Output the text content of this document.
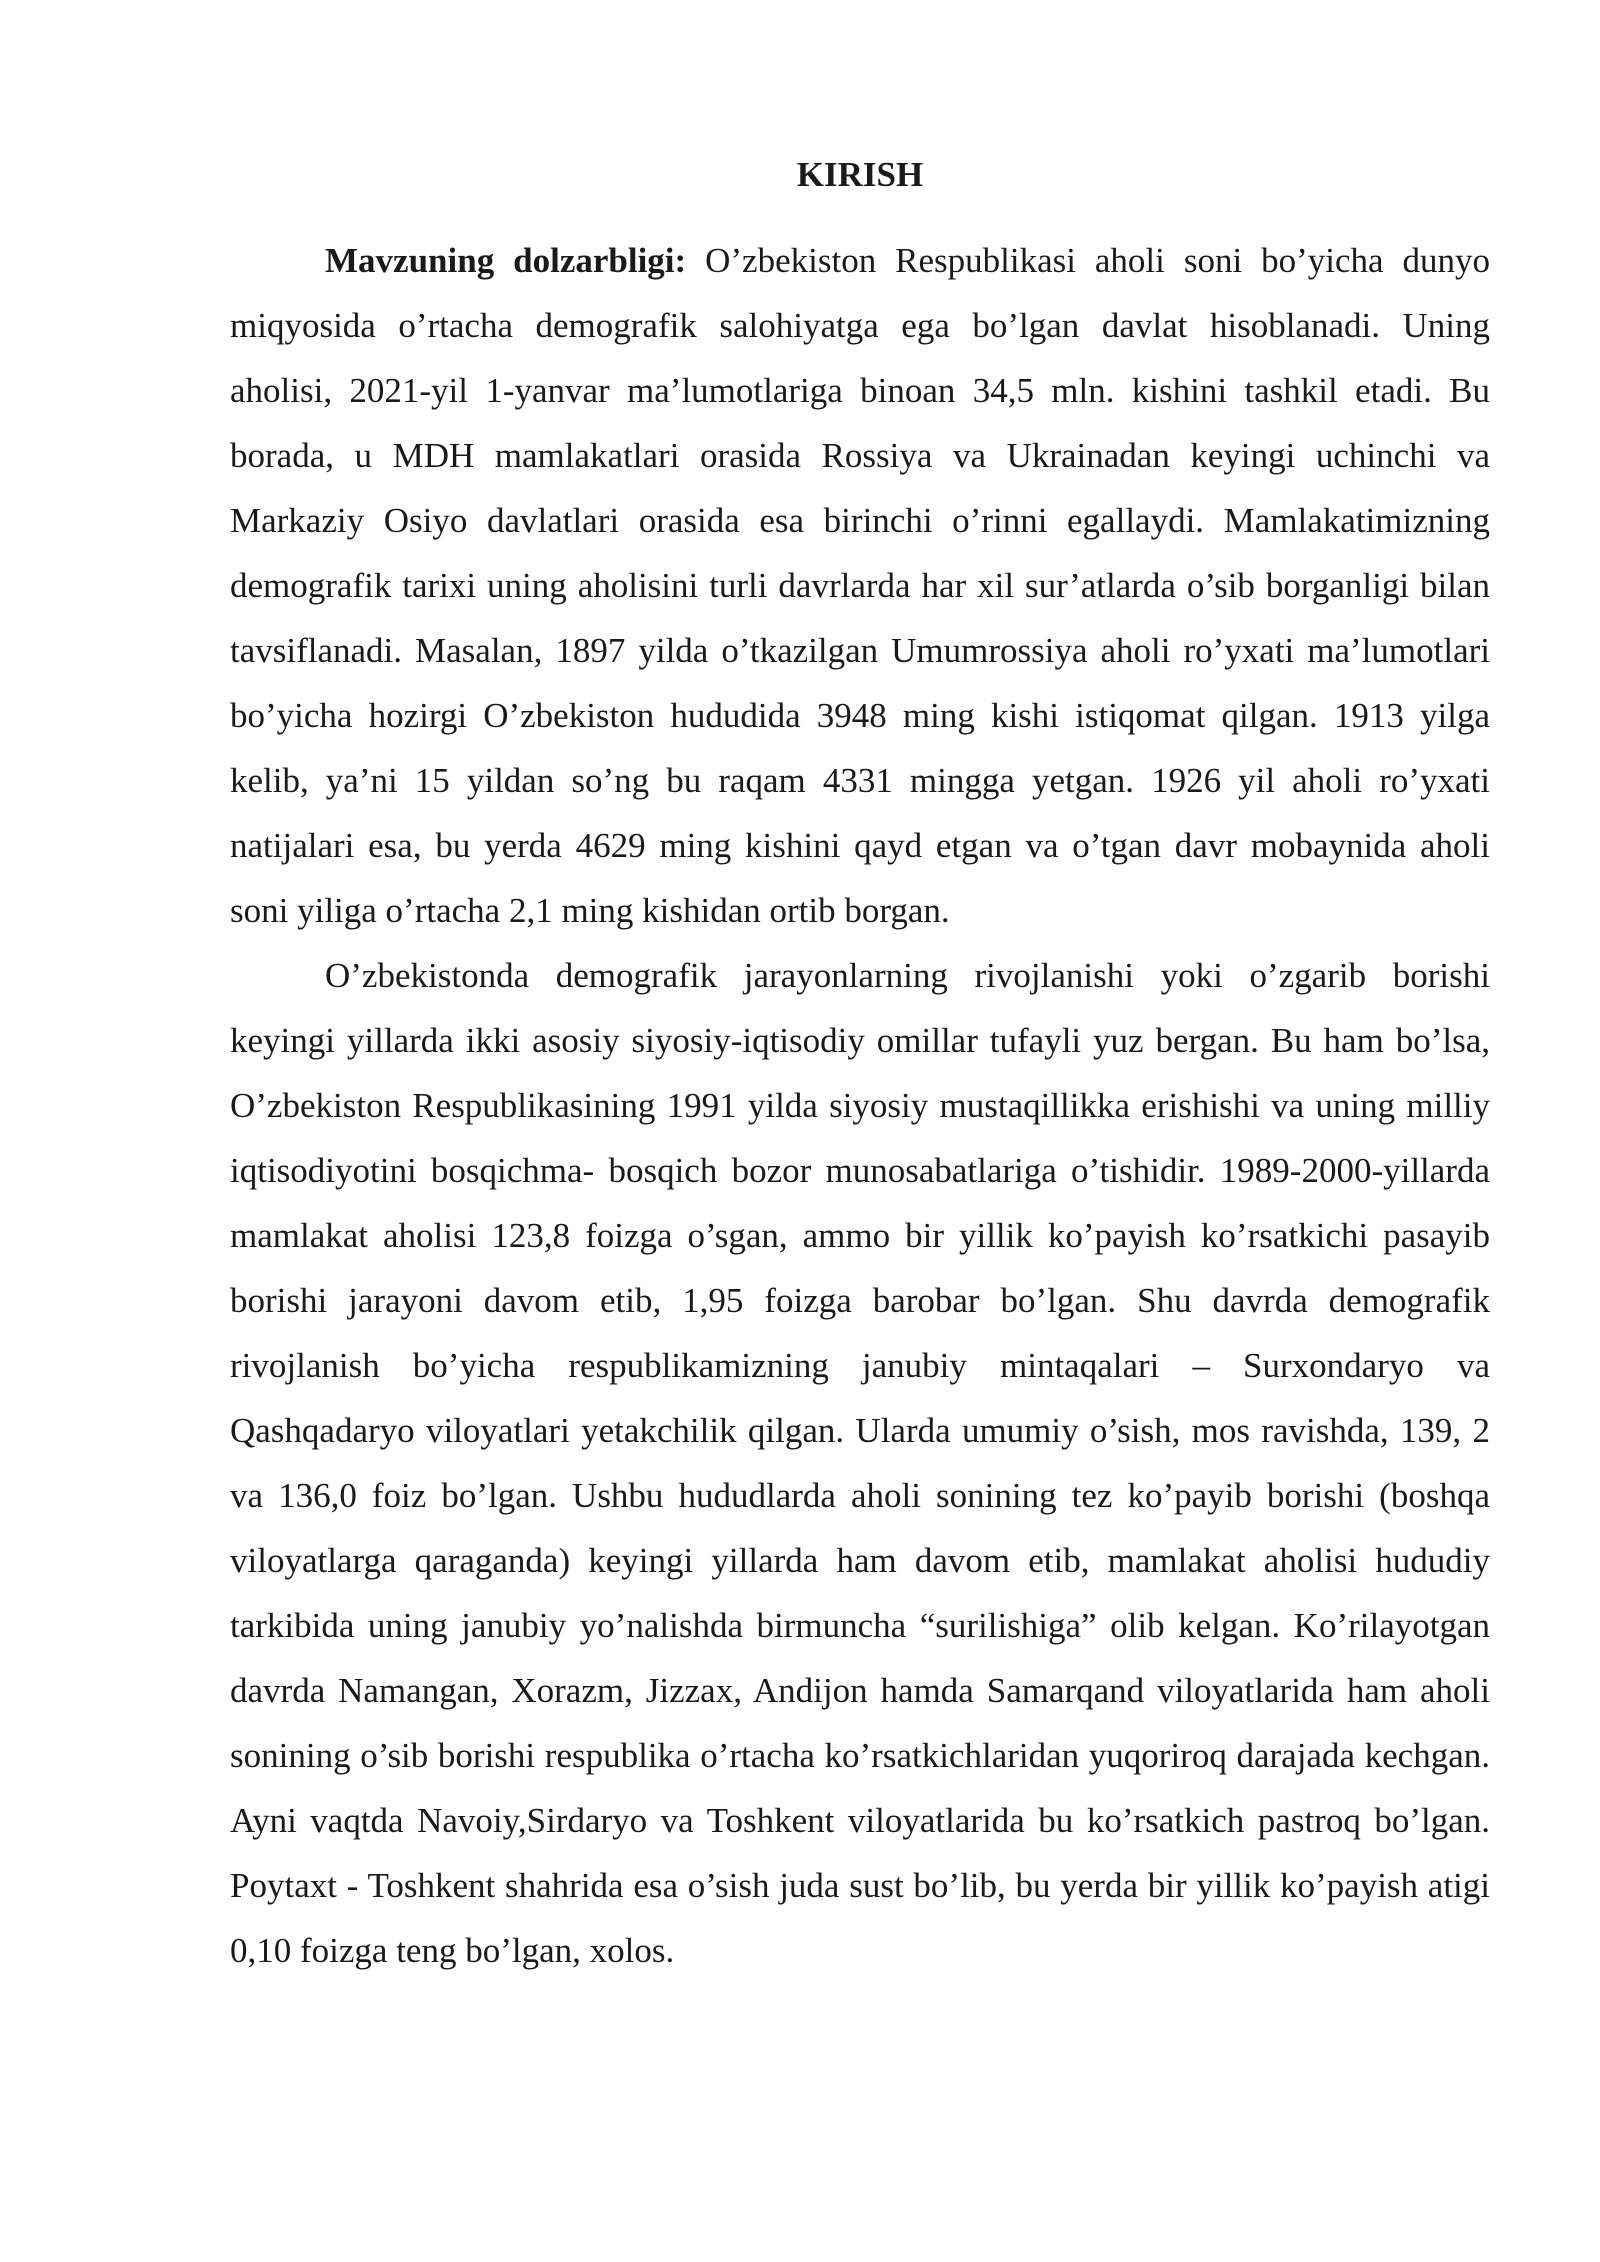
KIRISH

Mavzuning dolzarbligi: O’zbekiston Respublikasi aholi soni bo’yicha dunyo miqyosida o’rtacha demografik salohiyatga ega bo’lgan davlat hisoblanadi. Uning aholisi, 2021-yil 1-yanvar ma’lumotlariga binoan 34,5 mln. kishini tashkil etadi. Bu borada, u MDH mamlakatlari orasida Rossiya va Ukrainadan keyingi uchinchi va Markaziy Osiyo davlatlari orasida esa birinchi o’rinni egallaydi. Mamlakatimizning demografik tarixi uning aholisini turli davrlarda har xil sur’atlarda o’sib borganligi bilan tavsiflanadi. Masalan, 1897 yilda o’tkazilgan Umumrossiya aholi ro’yxati ma’lumotlari bo’yicha hozirgi O’zbekiston hududida 3948 ming kishi istiqomat qilgan. 1913 yilga kelib, ya’ni 15 yildan so’ng bu raqam 4331 mingga yetgan. 1926 yil aholi ro’yxati natijalari esa, bu yerda 4629 ming kishini qayd etgan va o’tgan davr mobaynida aholi soni yiliga o’rtacha 2,1 ming kishidan ortib borgan.

O’zbekistonda demografik jarayonlarning rivojlanishi yoki o’zgarib borishi keyingi yillarda ikki asosiy siyosiy-iqtisodiy omillar tufayli yuz bergan. Bu ham bo’lsa, O’zbekiston Respublikasining 1991 yilda siyosiy mustaqillikka erishishi va uning milliy iqtisodiyotini bosqichma- bosqich bozor munosabatlariga o’tishidir. 1989-2000-yillarda mamlakat aholisi 123,8 foizga o’sgan, ammo bir yillik ko’payish ko’rsatkichi pasayib borishi jarayoni davom etib, 1,95 foizga barobar bo’lgan. Shu davrda demografik rivojlanish bo’yicha respublikamizning janubiy mintaqalari – Surxondaryo va Qashqadaryo viloyatlari yetakchilik qilgan. Ularda umumiy o’sish, mos ravishda, 139, 2 va 136,0 foiz bo’lgan. Ushbu hududlarda aholi sonining tez ko’payib borishi (boshqa viloyatlarga qaraganda) keyingi yillarda ham davom etib, mamlakat aholisi hududiy tarkibida uning janubiy yo’nalishda birmuncha “surilishiga” olib kelgan. Ko’rilayotgan davrda Namangan, Xorazm, Jizzax, Andijon hamda Samarqand viloyatlarida ham aholi sonining o’sib borishi respublika o’rtacha ko’rsatkichlaridan yuqoriroq darajada kechgan. Ayni vaqtda Navoiy,Sirdaryo va Toshkent viloyatlarida bu ko’rsatkich pastroq bo’lgan. Poytaxt - Toshkent shahrida esa o’sish juda sust bo’lib, bu yerda bir yillik ko’payish atigi 0,10 foizga teng bo’lgan, xolos.
